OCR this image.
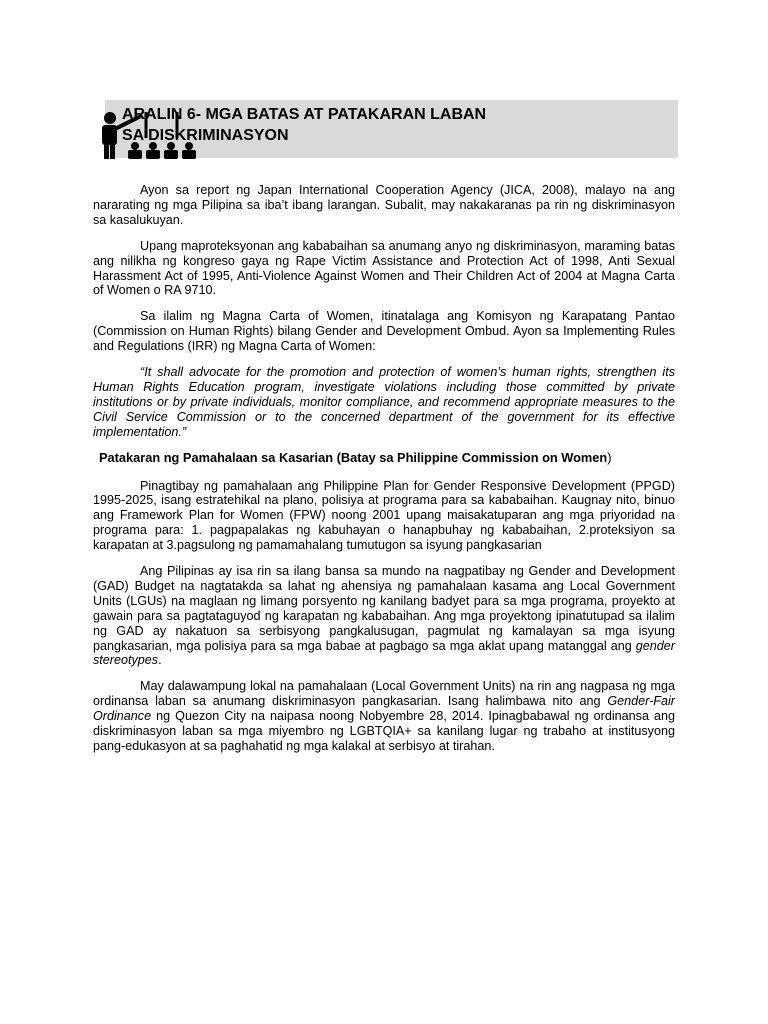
ARALIN 6- MGA BATAS AT PATAKARAN LABAN
SA DISKRIMINASYON

Ayon sa report ng Japan International Cooperation Agency (JICA, 2008), malayo na ang nararating ng mga Pilipina sa iba’t ibang larangan. Subalit, may nakakaranas pa rin ng diskriminasyon sa kasalukuyan.

Upang maproteksyonan ang kababaihan sa anumang anyo ng diskriminasyon, maraming batas ang nilikha ng kongreso gaya ng Rape Victim Assistance and Protection Act of 1998, Anti Sexual Harassment Act of 1995, Anti-Violence Against Women and Their Children Act of 2004 at Magna Carta of Women o RA 9710.

Sa ilalim ng Magna Carta of Women, itinatalaga ang Komisyon ng Karapatang Pantao (Commission on Human Rights) bilang Gender and Development Ombud. Ayon sa Implementing Rules and Regulations (IRR) ng Magna Carta of Women:

“It shall advocate for the promotion and protection of women’s human rights, strengthen its Human Rights Education program, investigate violations including those committed by private institutions or by private individuals, monitor compliance, and recommend appropriate measures to the Civil Service Commission or to the concerned department of the government for its effective implementation.”

Patakaran ng Pamahalaan sa Kasarian (Batay sa Philippine Commission on Women)

Pinagtibay ng pamahalaan ang Philippine Plan for Gender Responsive Development (PPGD) 1995-2025, isang estratehikal na plano, polisiya at programa para sa kababaihan. Kaugnay nito, binuo ang Framework Plan for Women (FPW) noong 2001 upang maisakatuparan ang mga priyoridad na programa para: 1. pagpapalakas ng kabuhayan o hanapbuhay ng kababaihan, 2.proteksiyon sa karapatan at 3.pagsulong ng pamamahalang tumutugon sa isyung pangkasarian

Ang Pilipinas ay isa rin sa ilang bansa sa mundo na nagpatibay ng Gender and Development (GAD) Budget na nagtatakda sa lahat ng ahensiya ng pamahalaan kasama ang Local Government Units (LGUs) na maglaan ng limang porsyento ng kanilang badyet para sa mga programa, proyekto at gawain para sa pagtataguyod ng karapatan ng kababaihan. Ang mga proyektong ipinatutupad sa ilalim ng GAD ay nakatuon sa serbisyong pangkalusugan, pagmulat ng kamalayan sa mga isyung pangkasarian, mga polisiya para sa mga babae at pagbago sa mga aklat upang matanggal ang gender stereotypes.

May dalawampung lokal na pamahalaan (Local Government Units) na rin ang nagpasa ng mga ordinansa laban sa anumang diskriminasyon pangkasarian. Isang halimbawa nito ang Gender-Fair Ordinance ng Quezon City na naipasa noong Nobyembre 28, 2014. Ipinagbabawal ng ordinansa ang diskriminasyon laban sa mga miyembro ng LGBTQIA+ sa kanilang lugar ng trabaho at institusyong pang-edukasyon at sa paghahatid ng mga kalakal at serbisyo at tirahan.
